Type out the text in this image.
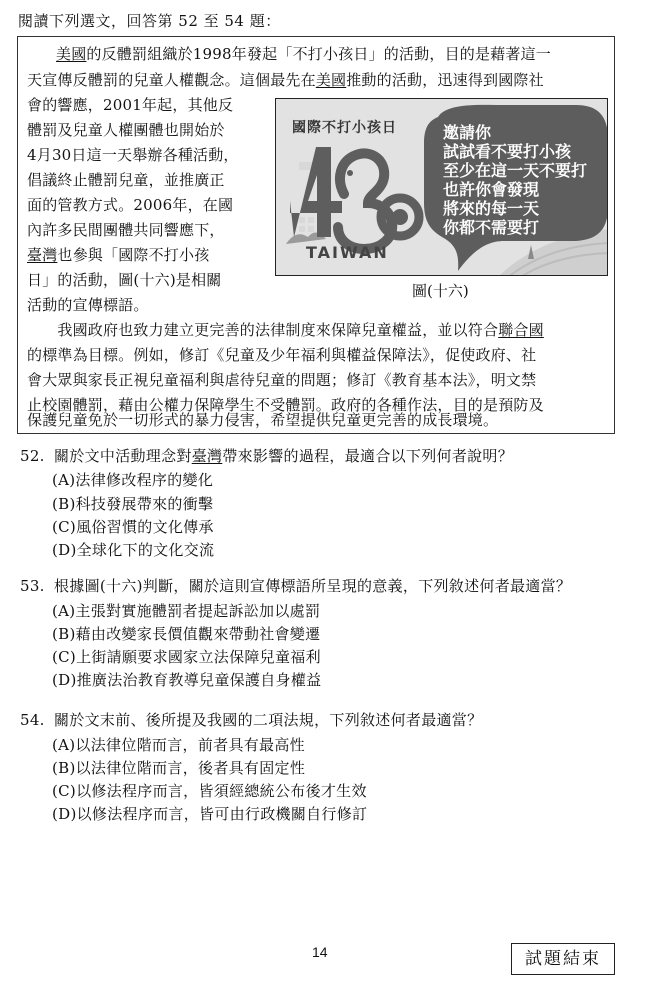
閱讀下列選文，回答第 52 至 54 題：
美國的反體罰組織於1998年發起「不打小孩日」的活動，目的是藉著這一
天宣傳反體罰的兒童人權觀念。這個最先在美國推動的活動，迅速得到國際社
會的響應，2001年起，其他反
體罰及兒童人權團體也開始於
4月30日這一天舉辦各種活動，
倡議終止體罰兒童，並推廣正
面的管教方式。2006年，在國
內許多民間團體共同響應下，
臺灣也參與「國際不打小孩
日」的活動，圖(十六)是相關
活動的宣傳標語。
　　我國政府也致力建立更完善的法律制度來保障兒童權益，並以符合聯合國
的標準為目標。例如，修訂《兒童及少年福利與權益保障法》，促使政府、社
會大眾與家長正視兒童福利與虐待兒童的問題；修訂《教育基本法》，明文禁
止校園體罰，藉由公權力保障學生不受體罰。政府的各種作法，目的是預防及
保護兒童免於一切形式的暴力侵害，希望提供兒童更完善的成長環境。
國際不打小孩日
TAIWAN
邀請你
試試看不要打小孩
至少在這一天不要打
也許你會發現
將來的每一天
你都不需要打
圖(十六)
52. 關於文中活動理念對臺灣帶來影響的過程，最適合以下列何者說明？
(A)法律修改程序的變化
(B)科技發展帶來的衝擊
(C)風俗習慣的文化傳承
(D)全球化下的文化交流
53. 根據圖(十六)判斷，關於這則宣傳標語所呈現的意義，下列敘述何者最適當？
(A)主張對實施體罰者提起訴訟加以處罰
(B)藉由改變家長價值觀來帶動社會變遷
(C)上街請願要求國家立法保障兒童福利
(D)推廣法治教育教導兒童保護自身權益
54. 關於文末前、後所提及我國的二項法規，下列敘述何者最適當？
(A)以法律位階而言，前者具有最高性
(B)以法律位階而言，後者具有固定性
(C)以修法程序而言，皆須經總統公布後才生效
(D)以修法程序而言，皆可由行政機關自行修訂
14	試題結束
